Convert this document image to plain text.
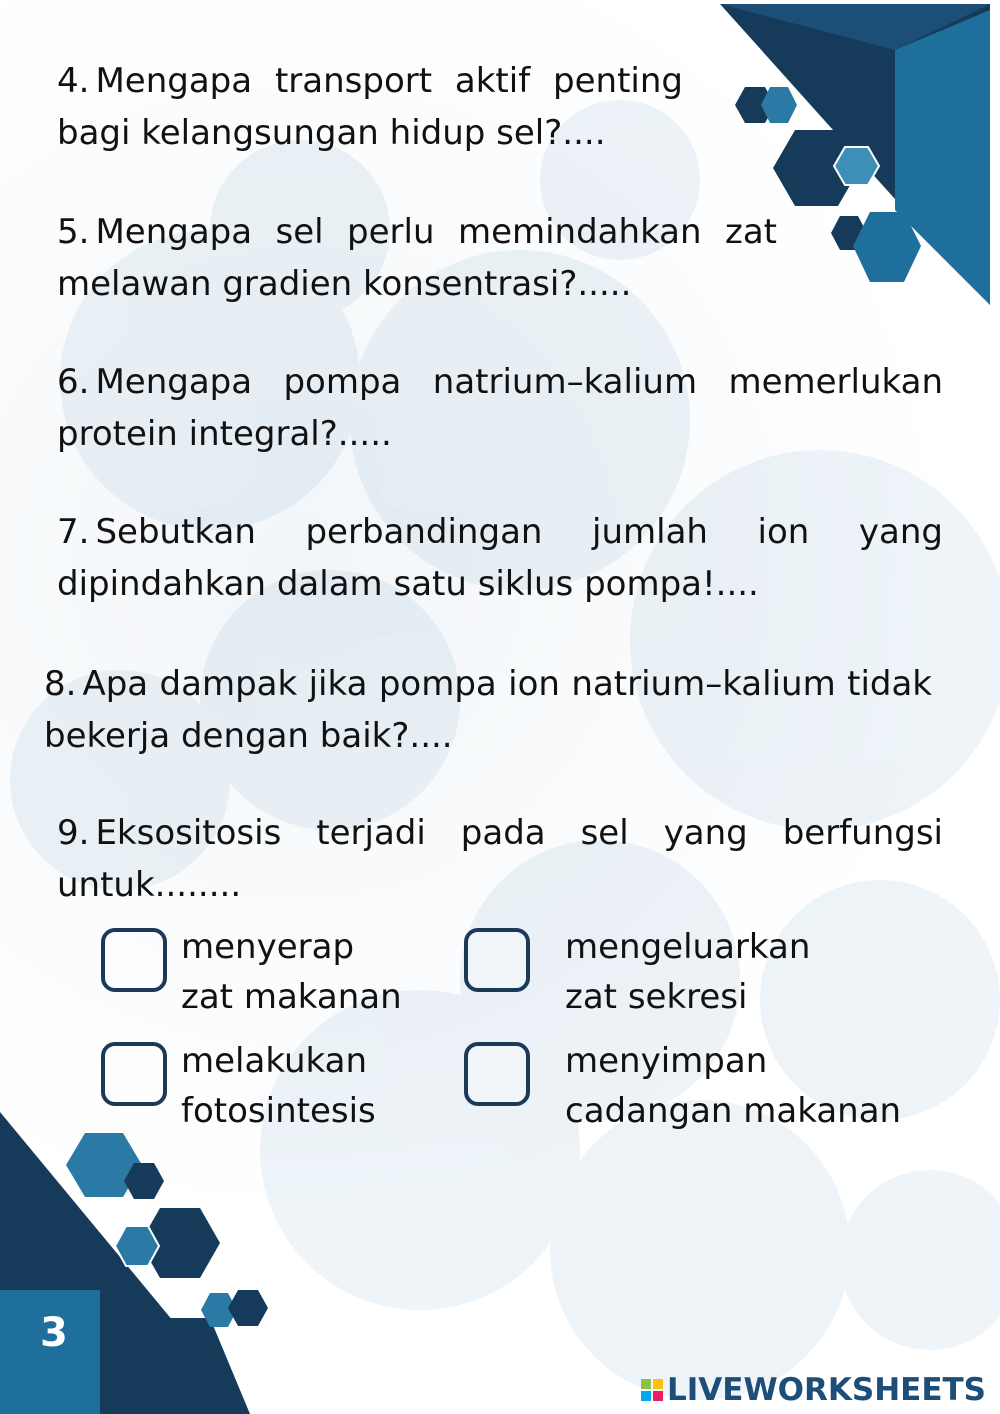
4. Mengapa transport aktif penting bagi kelangsungan hidup sel?....

5. Mengapa sel perlu memindahkan zat melawan gradien konsentrasi?.....

6. Mengapa pompa natrium–kalium memerlukan protein integral?.....

7. Sebutkan perbandingan jumlah ion yang dipindahkan dalam satu siklus pompa!....

8. Apa dampak jika pompa ion natrium–kalium tidak bekerja dengan baik?....

9. Eksositosis terjadi pada sel yang berfungsi untuk........

menyerap
zat makanan
mengeluarkan
zat sekresi
melakukan
fotosintesis
menyimpan
cadangan makanan
3
LIVEWORKSHEETS
